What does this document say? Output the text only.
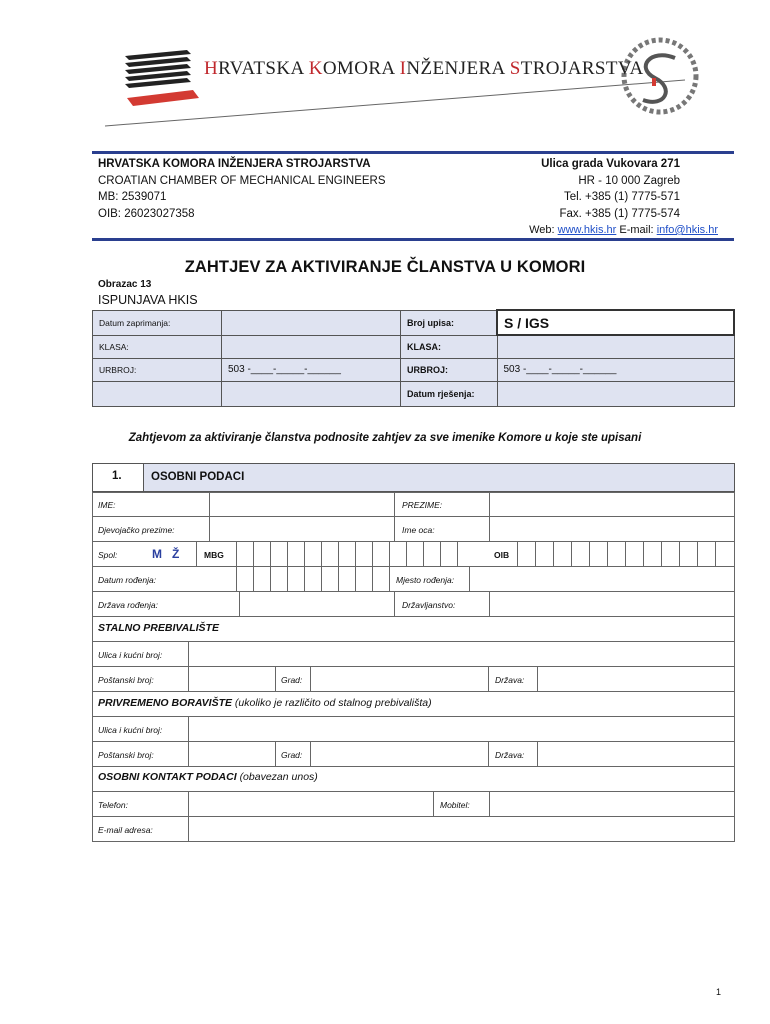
HRVATSKA KOMORA INŽENJERA STROJARSTVA
HRVATSKA KOMORA INŽENJERA STROJARSTVA
CROATIAN CHAMBER OF MECHANICAL ENGINEERS
MB: 2539071
OIB: 26023027358
Ulica grada Vukovara 271
HR - 10 000 Zagreb
Tel. +385 (1) 7775-571
Fax. +385 (1) 7775-574
Web: www.hkis.hr E-mail: info@hkis.hr
ZAHTJEV ZA AKTIVIRANJE ČLANSTVA U KOMORI
Obrazac 13
ISPUNJAVA HKIS
Datum zaprimanja:		Broj upisa:	S / IGS
KLASA:		KLASA:	
URBROJ:	503 -____-_____-______	URBROJ:	503 -____-_____-______
		Datum rješenja:	
Zahtjevom za aktiviranje članstva podnosite zahtjev za sve imenike Komore u koje ste upisani
1.	OSOBNI PODACI
IME:	PREZIME:
Djevojačko prezime:	Ime oca:
Spol:	M Ž	MBG	OIB
Datum rođenja:	Mjesto rođenja:
Država rođenja:	Državljanstvo:
STALNO PREBIVALIŠTE
Ulica i kućni broj:
Poštanski broj:	Grad:	Država:
PRIVREMENO BORAVIŠTE (ukoliko je različito od stalnog prebivališta)
Ulica i kućni broj:
Poštanski broj:	Grad:	Država:
OSOBNI KONTAKT PODACI (obavezan unos)
Telefon:	Mobitel:
E-mail adresa:
1
